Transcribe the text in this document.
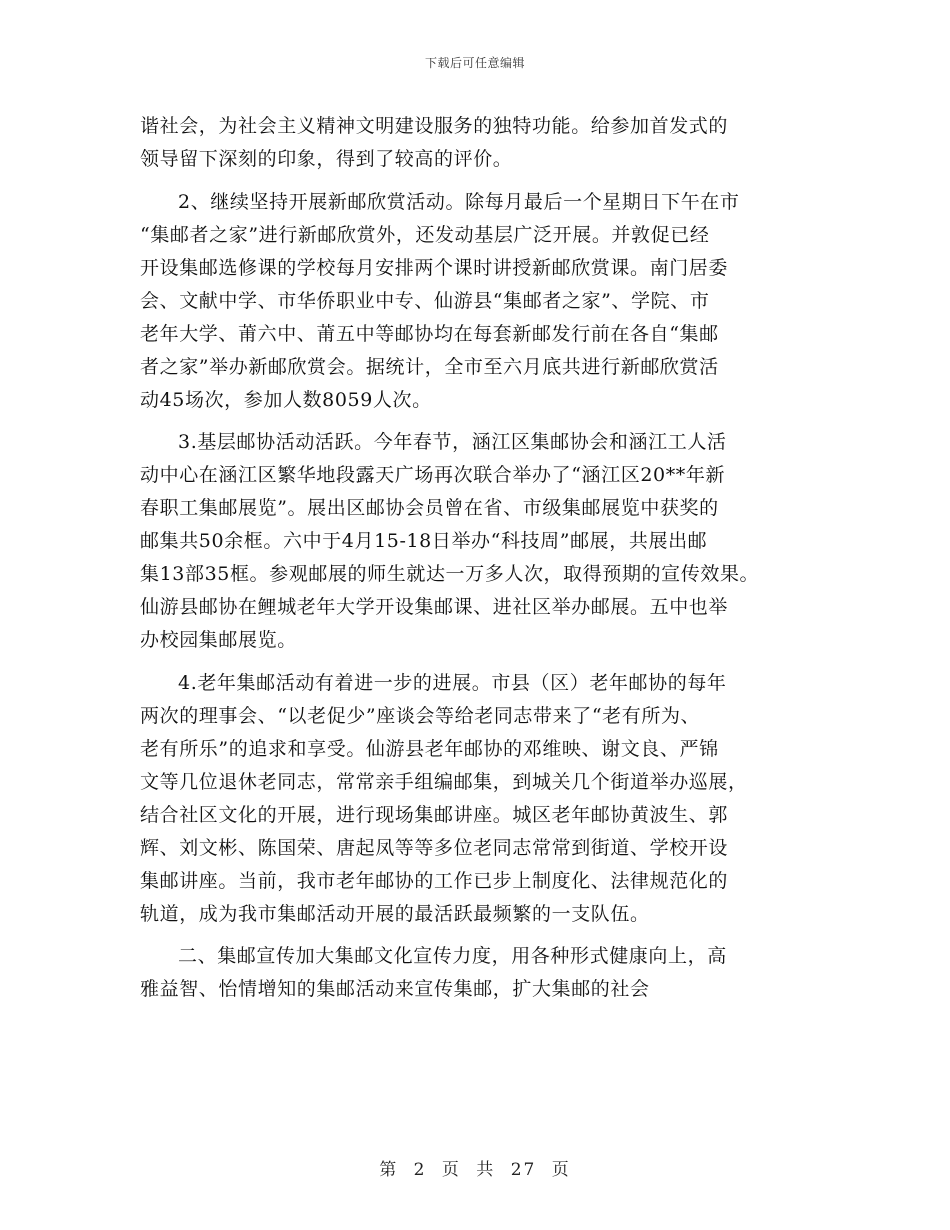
下载后可任意编辑
谐社会，为社会主义精神文明建设服务的独特功能。给参加首发式的
领导留下深刻的印象，得到了较高的评价。
2、继续坚持开展新邮欣赏活动。除每月最后一个星期日下午在市
“集邮者之家”进行新邮欣赏外，还发动基层广泛开展。并敦促已经
开设集邮选修课的学校每月安排两个课时讲授新邮欣赏课。南门居委
会、文献中学、市华侨职业中专、仙游县“集邮者之家”、学院、市
老年大学、莆六中、莆五中等邮协均在每套新邮发行前在各自“集邮
者之家”举办新邮欣赏会。据统计，全市至六月底共进行新邮欣赏活
动45场次，参加人数8059人次。
3.基层邮协活动活跃。今年春节，涵江区集邮协会和涵江工人活
动中心在涵江区繁华地段露天广场再次联合举办了“涵江区20**年新
春职工集邮展览”。展出区邮协会员曾在省、市级集邮展览中获奖的
邮集共50余框。六中于4月15-18日举办“科技周”邮展，共展出邮
集13部35框。参观邮展的师生就达一万多人次，取得预期的宣传效果。
仙游县邮协在鲤城老年大学开设集邮课、进社区举办邮展。五中也举
办校园集邮展览。
4.老年集邮活动有着进一步的进展。市县（区）老年邮协的每年
两次的理事会、“以老促少”座谈会等给老同志带来了“老有所为、
老有所乐”的追求和享受。仙游县老年邮协的邓维映、谢文良、严锦
文等几位退休老同志，常常亲手组编邮集，到城关几个街道举办巡展，
结合社区文化的开展，进行现场集邮讲座。城区老年邮协黄波生、郭
辉、刘文彬、陈国荣、唐起凤等等多位老同志常常到街道、学校开设
集邮讲座。当前，我市老年邮协的工作已步上制度化、法律规范化的
轨道，成为我市集邮活动开展的最活跃最频繁的一支队伍。
二、集邮宣传加大集邮文化宣传力度，用各种形式健康向上，高
雅益智、怡情增知的集邮活动来宣传集邮，扩大集邮的社会
第 2 页 共 27 页
